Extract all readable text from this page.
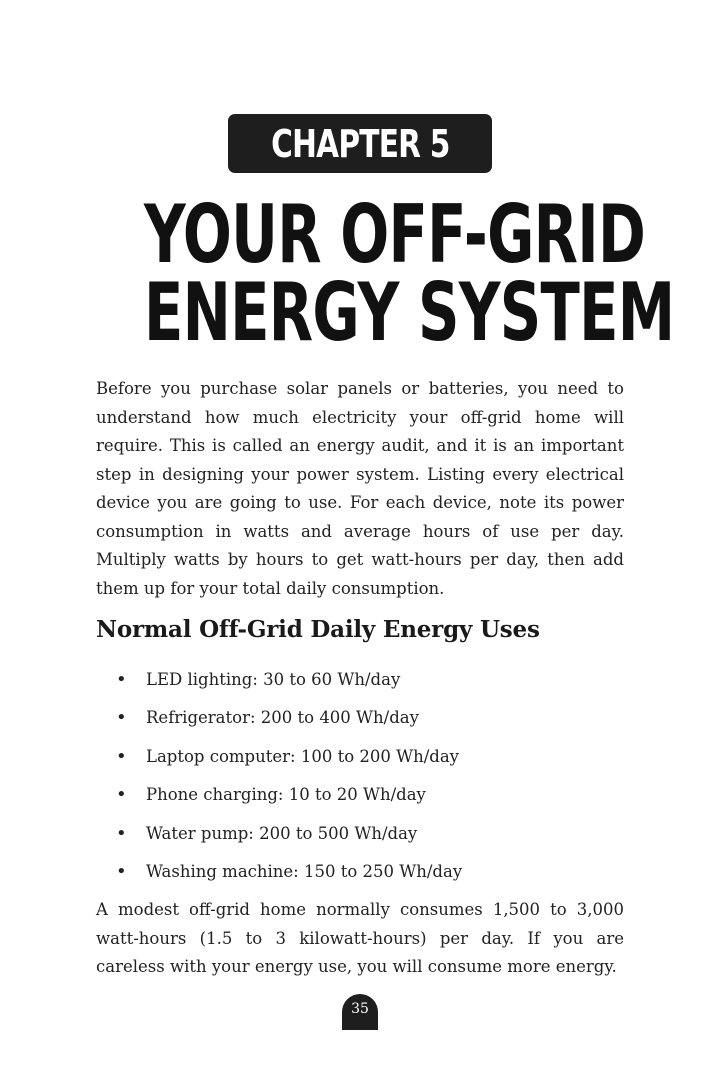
CHAPTER 5
YOUR OFF-GRID
ENERGY SYSTEM

Before you purchase solar panels or batteries, you need to understand how much electricity your off-grid home will require. This is called an energy audit, and it is an important step in designing your power system. Listing every electrical device you are going to use. For each device, note its power consumption in watts and average hours of use per day. Multiply watts by hours to get watt-hours per day, then add them up for your total daily consumption.

Normal Off-Grid Daily Energy Uses
• LED lighting: 30 to 60 Wh/day
• Refrigerator: 200 to 400 Wh/day
• Laptop computer: 100 to 200 Wh/day
• Phone charging: 10 to 20 Wh/day
• Water pump: 200 to 500 Wh/day
• Washing machine: 150 to 250 Wh/day

A modest off-grid home normally consumes 1,500 to 3,000 watt-hours (1.5 to 3 kilowatt-hours) per day. If you are careless with your energy use, you will consume more energy.

35
